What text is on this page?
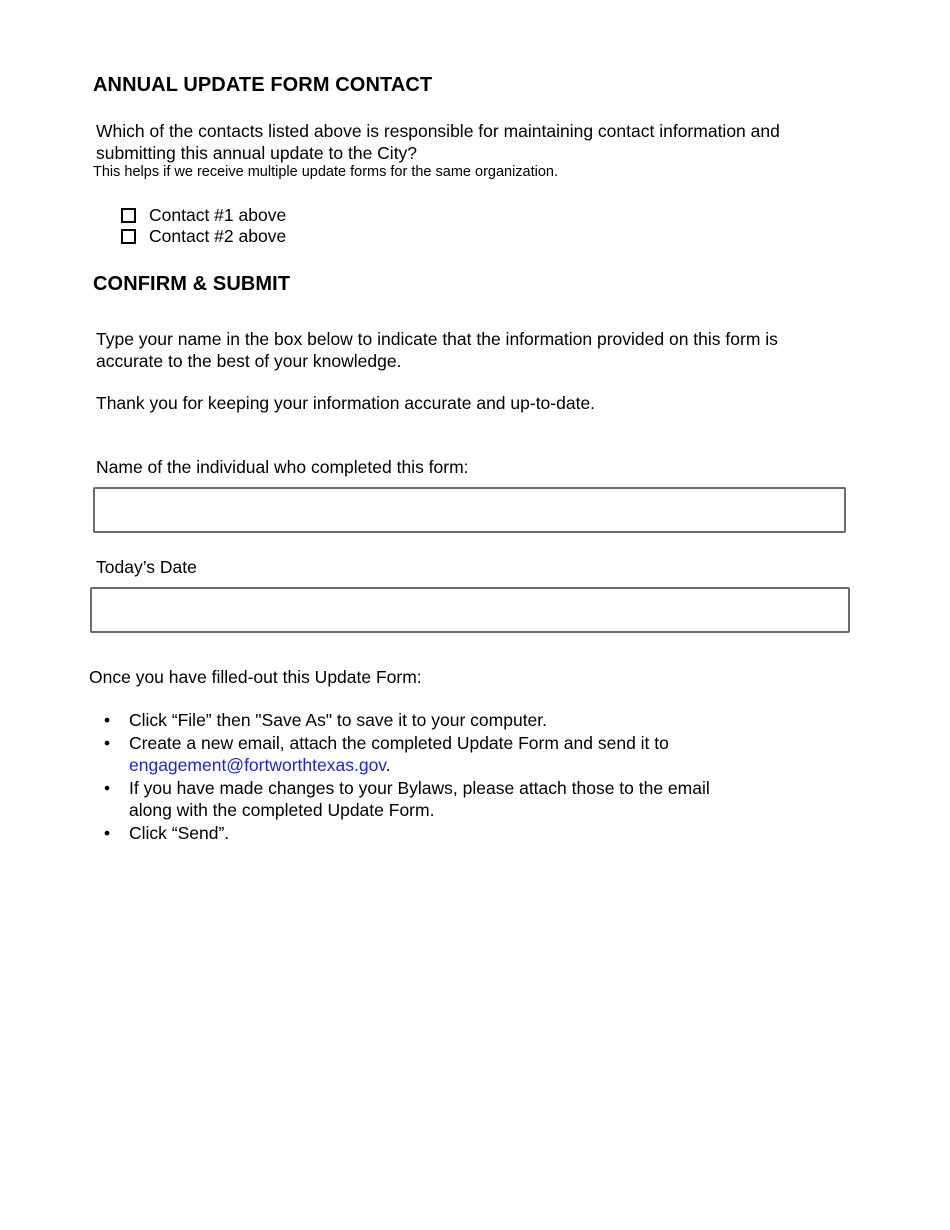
ANNUAL UPDATE FORM CONTACT
Which of the contacts listed above is responsible for maintaining contact information and
submitting this annual update to the City?
This helps if we receive multiple update forms for the same organization.
Contact #1 above
Contact #2 above
CONFIRM & SUBMIT
Type your name in the box below to indicate that the information provided on this form is
accurate to the best of your knowledge.
Thank you for keeping your information accurate and up-to-date.
Name of the individual who completed this form:
Today’s Date
Once you have filled-out this Update Form:
• Click “File” then "Save As" to save it to your computer.
• Create a new email, attach the completed Update Form and send it to
engagement@fortworthtexas.gov.
• If you have made changes to your Bylaws, please attach those to the email
along with the completed Update Form.
• Click “Send”.
